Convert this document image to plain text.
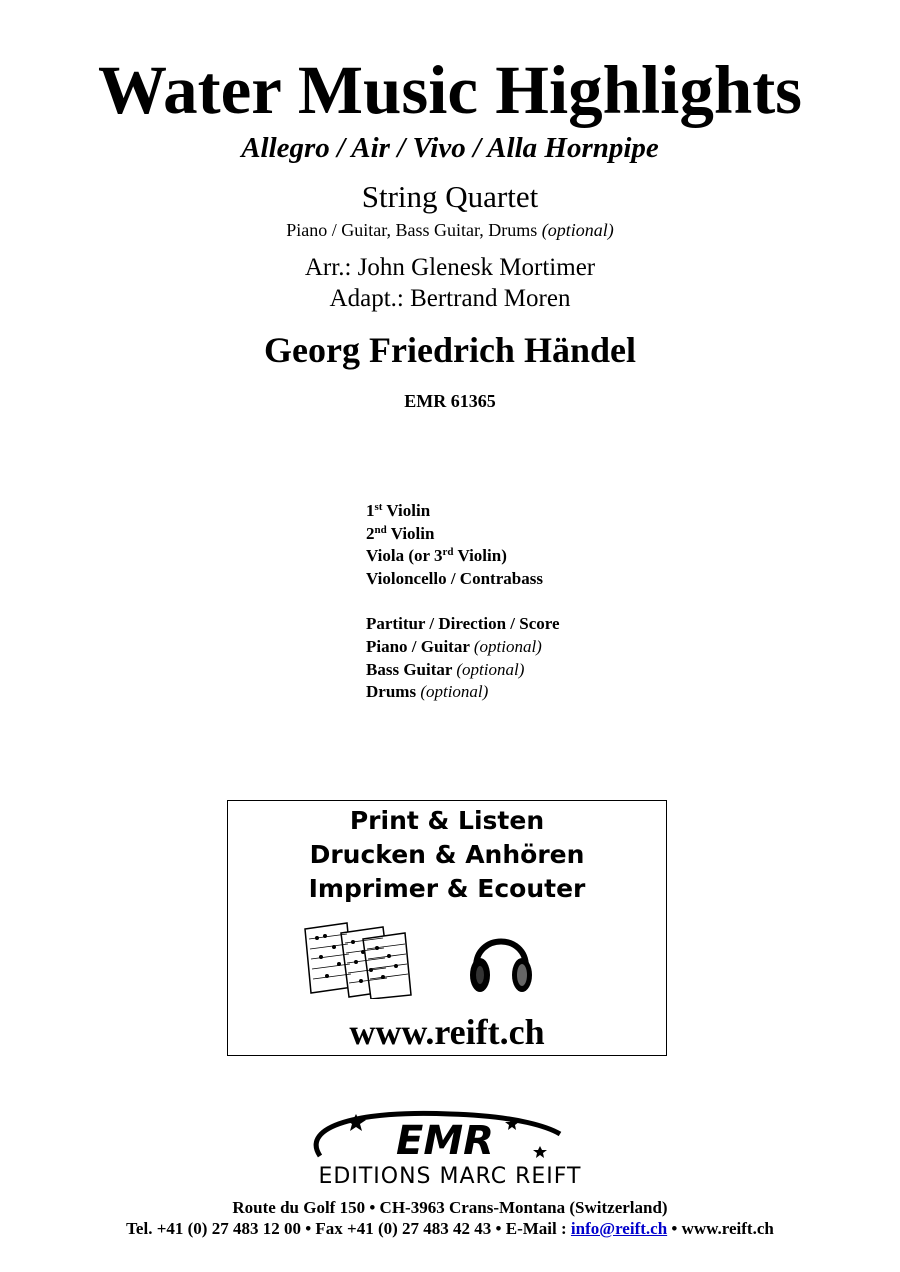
Water Music Highlights
Allegro / Air / Vivo / Alla Hornpipe
String Quartet
Piano / Guitar, Bass Guitar, Drums (optional)
Arr.: John Glenesk Mortimer
Adapt.: Bertrand Moren
Georg Friedrich Händel
EMR 61365
1st Violin
2nd Violin
Viola (or 3rd Violin)
Violoncello / Contrabass
Partitur / Direction / Score
Piano / Guitar (optional)
Bass Guitar (optional)
Drums (optional)
Print & Listen
Drucken & Anhören
Imprimer & Ecouter
www.reift.ch
EMR
EDITIONS MARC REIFT
Route du Golf 150 • CH-3963 Crans-Montana (Switzerland)
Tel. +41 (0) 27 483 12 00 • Fax +41 (0) 27 483 42 43 • E-Mail : info@reift.ch • www.reift.ch
